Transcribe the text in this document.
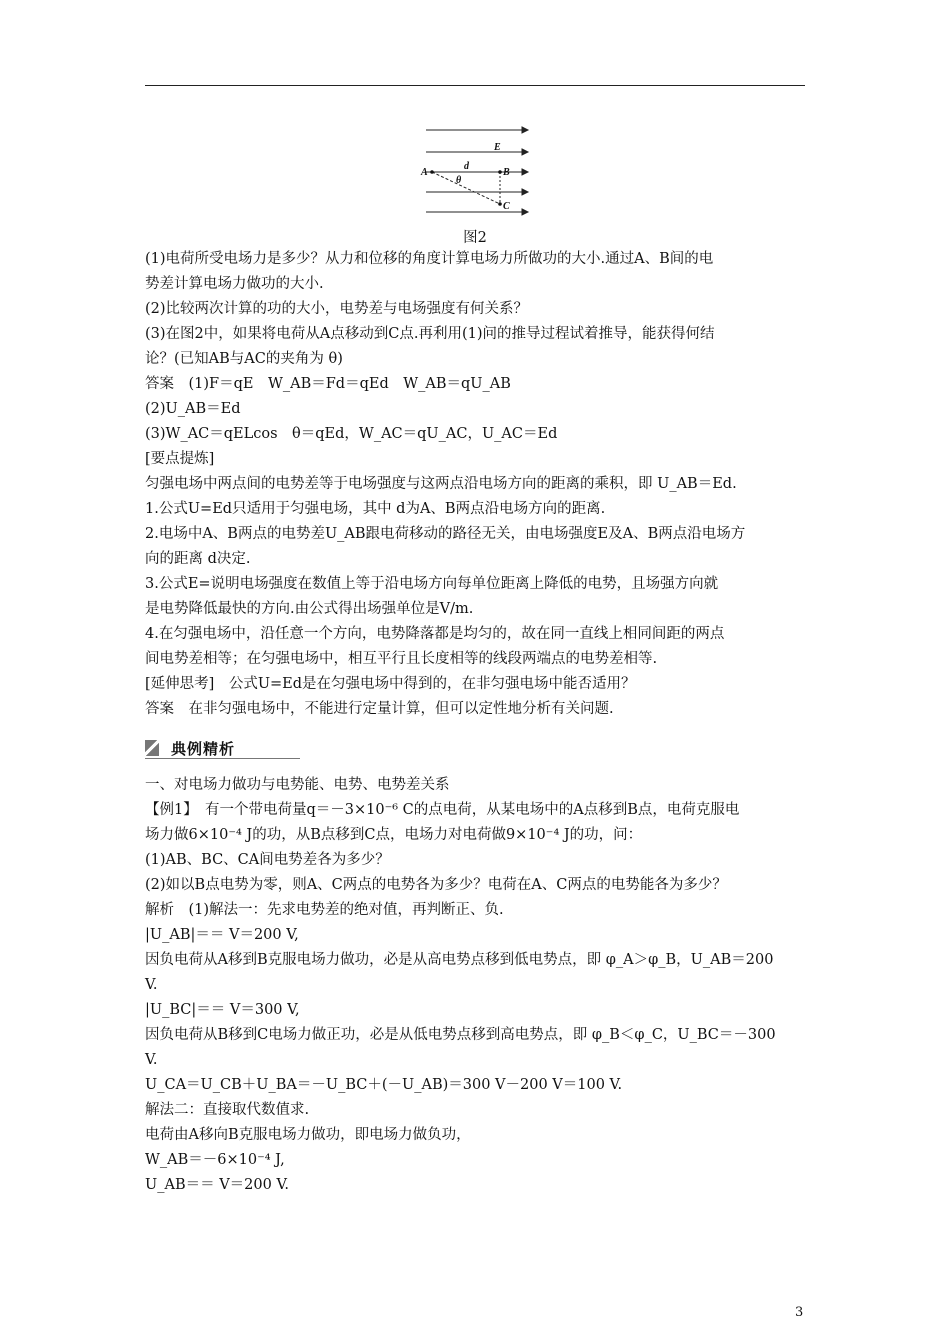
E
d
θ
A	B
C
图2
(1)电荷所受电场力是多少？从力和位移的角度计算电场力所做功的大小.通过A、B间的电
势差计算电场力做功的大小.
(2)比较两次计算的功的大小，电势差与电场强度有何关系？
(3)在图2中，如果将电荷从A点移动到C点.再利用(1)问的推导过程试着推导，能获得何结
论？(已知AB与AC的夹角为 θ)
答案　(1)F＝qE　W_AB＝Fd＝qEd　W_AB＝qU_AB
(2)U_AB＝Ed
(3)W_AC＝qELcos　θ＝qEd，W_AC＝qU_AC，U_AC＝Ed
[要点提炼]
匀强电场中两点间的电势差等于电场强度与这两点沿电场方向的距离的乘积，即 U_AB＝Ed.
1.公式U=Ed只适用于匀强电场，其中 d为A、B两点沿电场方向的距离.
2.电场中A、B两点的电势差U_AB跟电荷移动的路径无关，由电场强度E及A、B两点沿电场方
向的距离 d决定.
3.公式E=说明电场强度在数值上等于沿电场方向每单位距离上降低的电势，且场强方向就
是电势降低最快的方向.由公式得出场强单位是V/m.
4.在匀强电场中，沿任意一个方向，电势降落都是均匀的，故在同一直线上相同间距的两点
间电势差相等；在匀强电场中，相互平行且长度相等的线段两端点的电势差相等.
[延伸思考]　公式U=Ed是在匀强电场中得到的，在非匀强电场中能否适用？
答案　在非匀强电场中，不能进行定量计算，但可以定性地分析有关问题.
典例精析
一、对电场力做功与电势能、电势、电势差关系
【例1】　有一个带电荷量q＝－3×10⁻⁶ C的点电荷，从某电场中的A点移到B点，电荷克服电
场力做6×10⁻⁴ J的功，从B点移到C点，电场力对电荷做9×10⁻⁴ J的功，问：
(1)AB、BC、CA间电势差各为多少？
(2)如以B点电势为零，则A、C两点的电势各为多少？电荷在A、C两点的电势能各为多少？
解析　(1)解法一：先求电势差的绝对值，再判断正、负.
|U_AB|＝＝ V＝200 V,
因负电荷从A移到B克服电场力做功，必是从高电势点移到低电势点，即 φ_A＞φ_B，U_AB＝200
V.
|U_BC|＝＝ V＝300 V,
因负电荷从B移到C电场力做正功，必是从低电势点移到高电势点，即 φ_B＜φ_C，U_BC＝－300
V.
U_CA＝U_CB＋U_BA＝－U_BC＋(－U_AB)＝300 V－200 V＝100 V.
解法二：直接取代数值求.
电荷由A移向B克服电场力做功，即电场力做负功，
W_AB＝－6×10⁻⁴ J,
U_AB＝＝ V＝200 V.
3
